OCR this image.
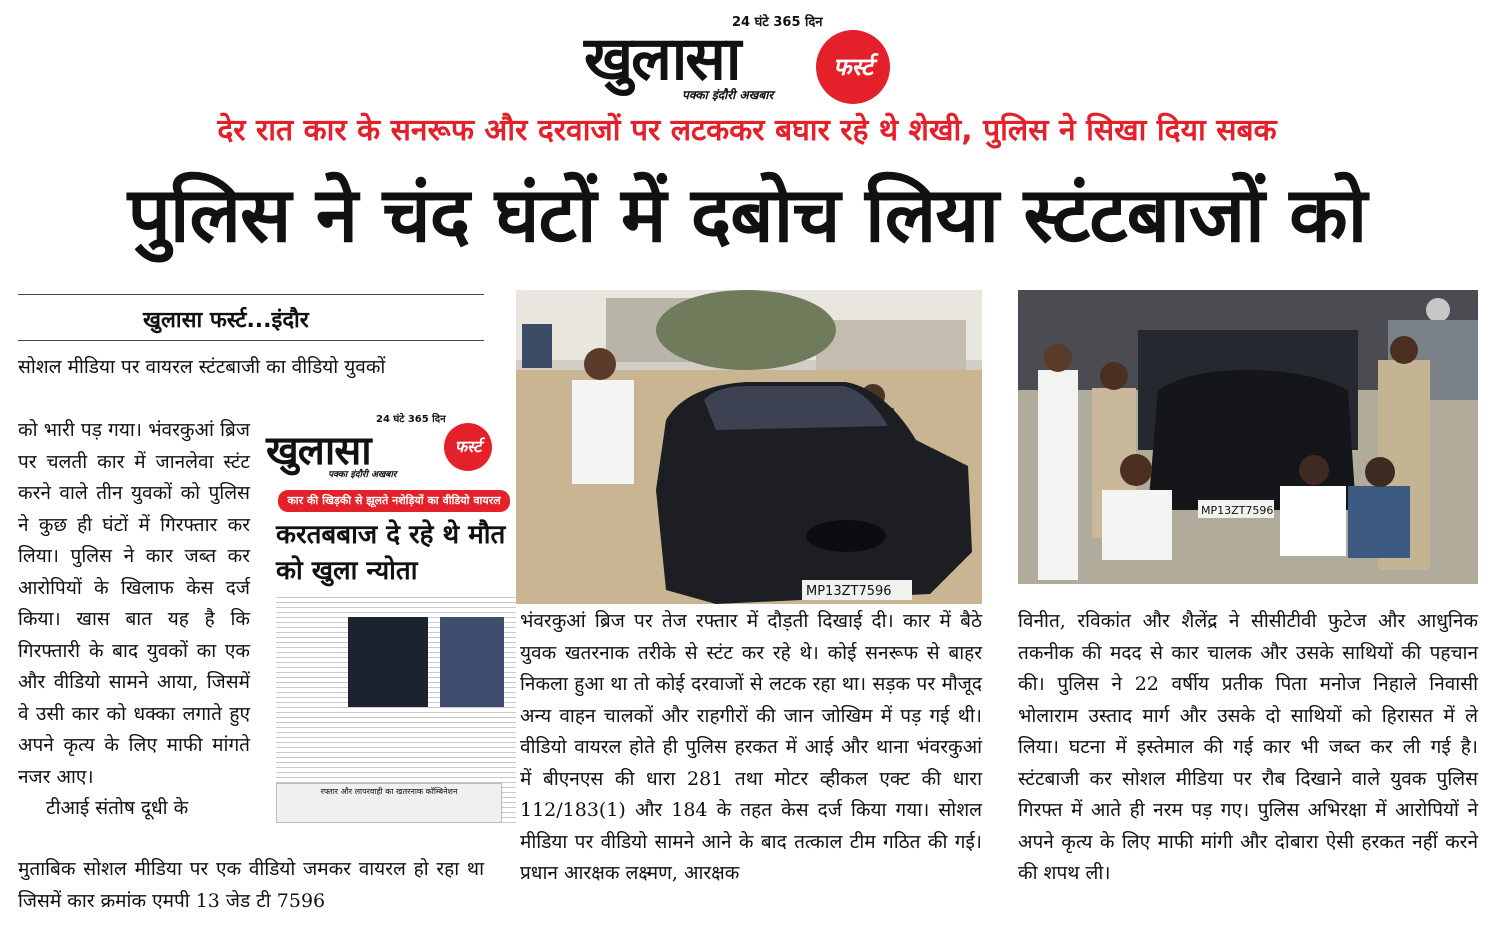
24 घंटे 365 दिन
खुलासा	फर्स्ट
पक्का इंदौरी अखबार
देर रात कार के सनरूफ और दरवाजों पर लटककर बघार रहे थे शेखी, पुलिस ने सिखा दिया सबक
पुलिस ने चंद घंटों में दबोच लिया स्टंटबाजों को
खुलासा फर्स्ट...इंदौर

सोशल मीडिया पर वायरल स्टंटबाजी का वीडियो युवकों

को भारी पड़ गया। भंवरकुआं ब्रिज पर चलती कार में जानलेवा स्टंट करने वाले तीन युवकों को पुलिस ने कुछ ही घंटों में गिरफ्तार कर लिया। पुलिस ने कार जब्त कर आरोपियों के खिलाफ केस दर्ज किया। खास बात यह है कि गिरफ्तारी के बाद युवकों का एक और वीडियो सामने आया, जिसमें वे उसी कार को धक्का लगाते हुए अपने कृत्य के लिए माफी मांगते नजर आए।

टीआई संतोष दूधी के

मुताबिक सोशल मीडिया पर एक वीडियो जमकर वायरल हो रहा था जिसमें कार क्रमांक एमपी 13 जेड टी 7596

24 घंटे 365 दिन
खुलासा	फर्स्ट
पक्का इंदौरी अखबार
कार की खिड़की से झूलते नशेड़ियों का वीडियो वायरल
करतबबाज दे रहे थे मौत को खुला न्योता
रफ्तार और लापरवाही का खतरनाक कॉम्बिनेशन
MP13ZT7596
MP13ZT7596

भंवरकुआं ब्रिज पर तेज रफ्तार में दौड़ती दिखाई दी। कार में बैठे युवक खतरनाक तरीके से स्टंट कर रहे थे। कोई सनरूफ से बाहर निकला हुआ था तो कोई दरवाजों से लटक रहा था। सड़क पर मौजूद अन्य वाहन चालकों और राहगीरों की जान जोखिम में पड़ गई थी। वीडियो वायरल होते ही पुलिस हरकत में आई और थाना भंवरकुआं में बीएनएस की धारा 281 तथा मोटर व्हीकल एक्ट की धारा 112/183(1) और 184 के तहत केस दर्ज किया गया। सोशल मीडिया पर वीडियो सामने आने के बाद तत्काल टीम गठित की गई। प्रधान आरक्षक लक्ष्मण, आरक्षक

विनीत, रविकांत और शैलेंद्र ने सीसीटीवी फुटेज और आधुनिक तकनीक की मदद से कार चालक और उसके साथियों की पहचान की। पुलिस ने 22 वर्षीय प्रतीक पिता मनोज निहाले निवासी भोलाराम उस्ताद मार्ग और उसके दो साथियों को हिरासत में ले लिया। घटना में इस्तेमाल की गई कार भी जब्त कर ली गई है। स्टंटबाजी कर सोशल मीडिया पर रौब दिखाने वाले युवक पुलिस गिरफ्त में आते ही नरम पड़ गए। पुलिस अभिरक्षा में आरोपियों ने अपने कृत्य के लिए माफी मांगी और दोबारा ऐसी हरकत नहीं करने की शपथ ली।
